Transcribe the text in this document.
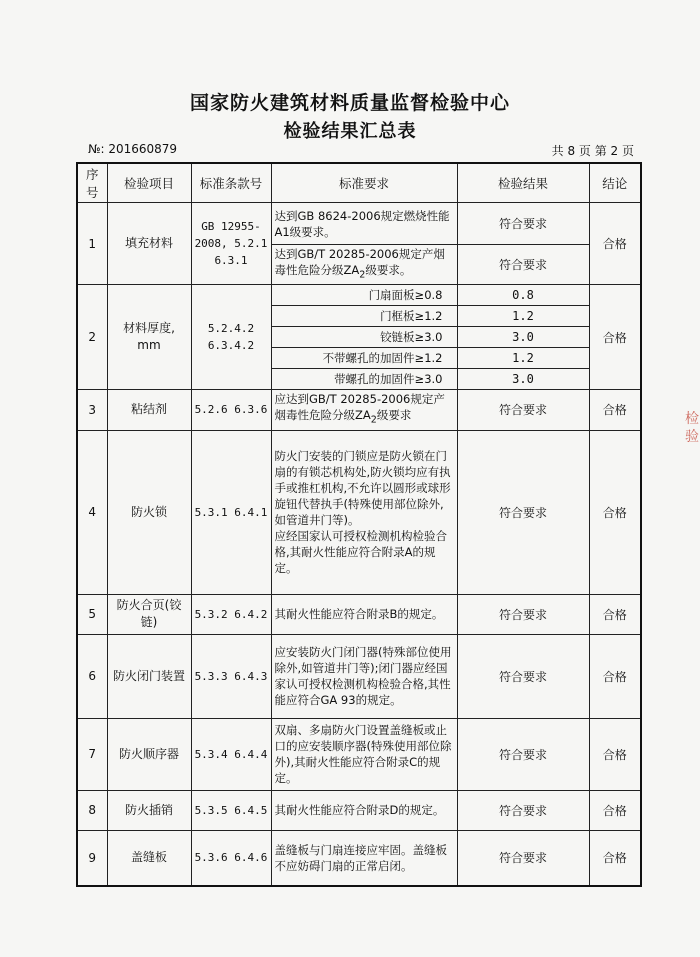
国家防火建筑材料质量监督检验中心
检验结果汇总表
№: 201660879	共 8 页 第 2 页
序号	检验项目	标准条款号	标准要求	检验结果	结论
1	填充材料	GB 12955-2008, 5.2.1 6.3.1	达到GB 8624-2006规定燃烧性能A1级要求。	符合要求	合格
			达到GB/T 20285-2006规定产烟毒性危险分级$ZA_2$级要求。	符合要求	
2	材料厚度, mm	5.2.4.2 6.3.4.2	门扇面板≥0.8	0.8	合格
			门框板≥1.2	1.2	
			铰链板≥3.0	3.0	
			不带螺孔的加固件≥1.2	1.2	
			带螺孔的加固件≥3.0	3.0	
3	粘结剂	5.2.6 6.3.6	应达到GB/T 20285-2006规定产烟毒性危险分级$ZA_2$级要求	符合要求	合格
4	防火锁	5.3.1 6.4.1	防火门安装的门锁应是防火锁在门扇的有锁芯机构处,防火锁均应有执手或推杠机构,不允许以圆形或球形旋钮代替执手(特殊使用部位除外,如管道井门等)。
应经国家认可授权检测机构检验合格,其耐火性能应符合附录A的规定。	符合要求	合格
5	防火合页(铰链)	5.3.2 6.4.2	其耐火性能应符合附录B的规定。	符合要求	合格
6	防火闭门装置	5.3.3 6.4.3	应安装防火门闭门器(特殊部位使用除外,如管道井门等);闭门器应经国家认可授权检测机构检验合格,其性能应符合GA 93的规定。	符合要求	合格
7	防火顺序器	5.3.4 6.4.4	双扇、多扇防火门设置盖缝板或止口的应安装顺序器(特殊使用部位除外),其耐火性能应符合附录C的规定。	符合要求	合格
8	防火插销	5.3.5 6.4.5	其耐火性能应符合附录D的规定。	符合要求	合格
9	盖缝板	5.3.6 6.4.6	盖缝板与门扇连接应牢固。盖缝板不应妨碍门扇的正常启闭。	符合要求	合格
检验
